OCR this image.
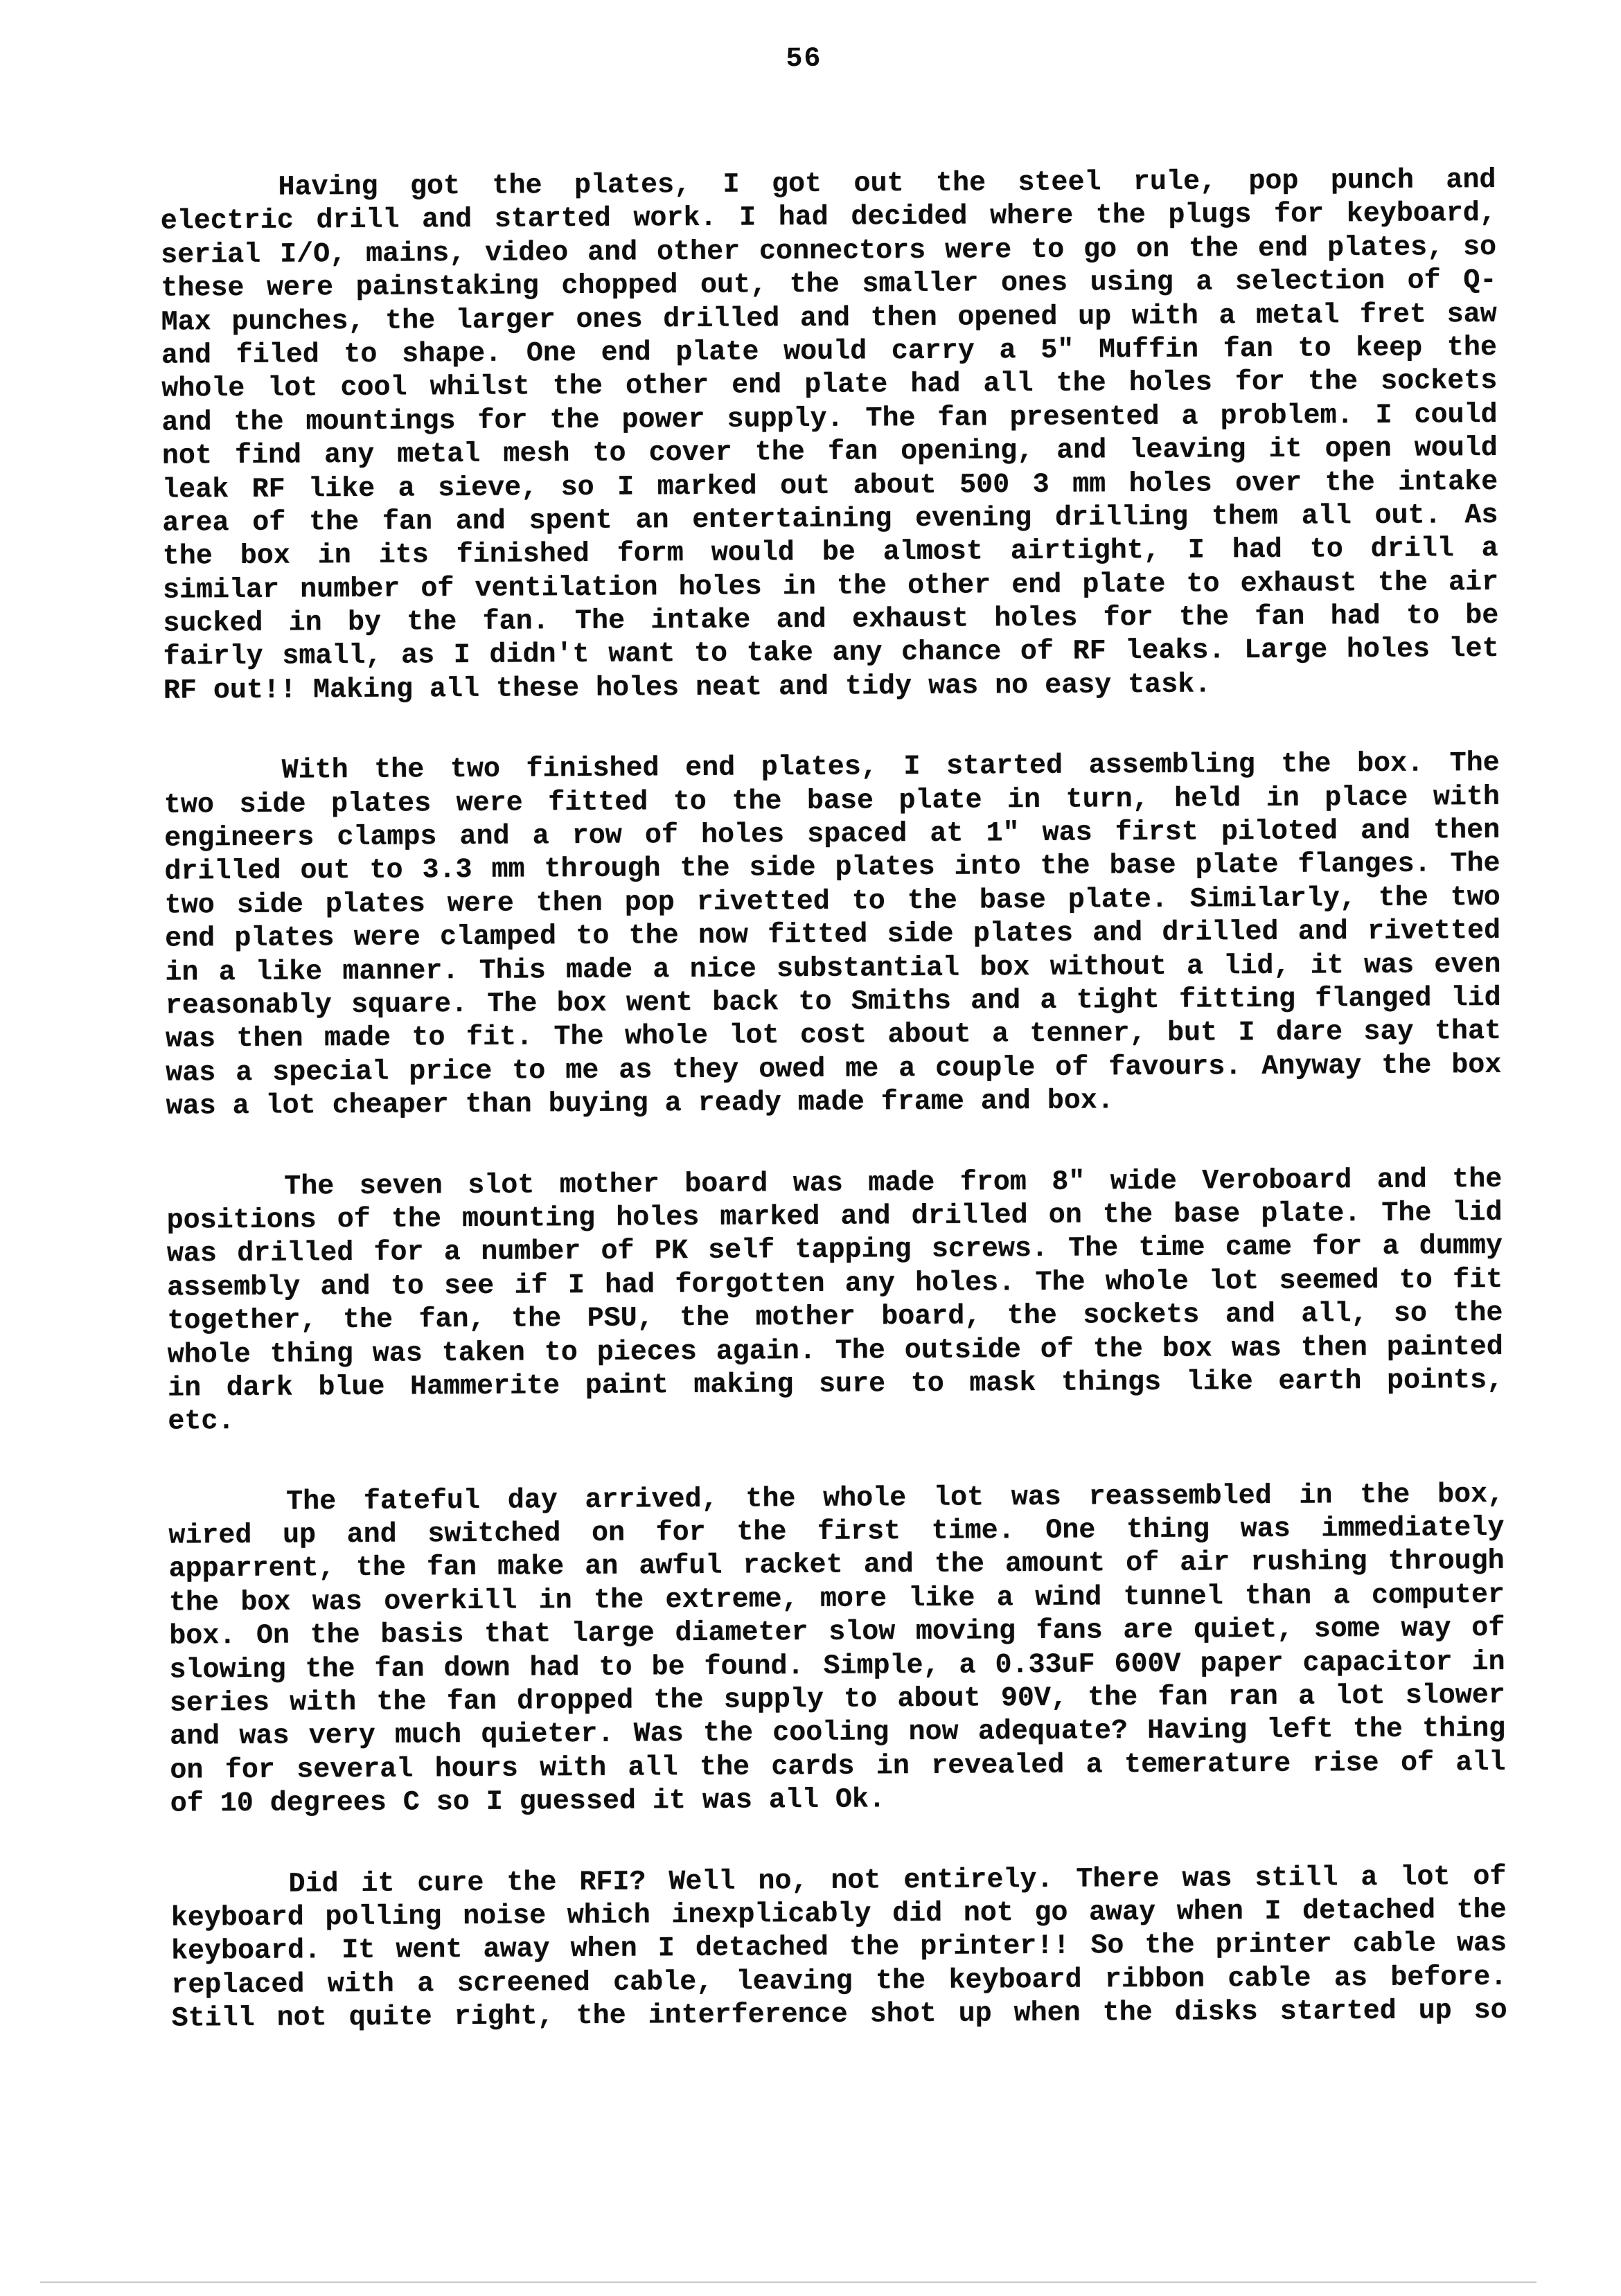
56
Having got the plates, I got out the steel rule, pop punch and
electric drill and started work. I had decided where the plugs for keyboard,
serial I/O, mains, video and other connectors were to go on the end plates, so
these were painstaking chopped out, the smaller ones using a selection of Q-
Max punches, the larger ones drilled and then opened up with a metal fret saw
and filed to shape. One end plate would carry a 5" Muffin fan to keep the
whole lot cool whilst the other end plate had all the holes for the sockets
and the mountings for the power supply. The fan presented a problem. I could
not find any metal mesh to cover the fan opening, and leaving it open would
leak RF like a sieve, so I marked out about 500 3 mm holes over the intake
area of the fan and spent an entertaining evening drilling them all out. As
the box in its finished form would be almost airtight, I had to drill a
similar number of ventilation holes in the other end plate to exhaust the air
sucked in by the fan. The intake and exhaust holes for the fan had to be
fairly small, as I didn't want to take any chance of RF leaks. Large holes let
RF out!! Making all these holes neat and tidy was no easy task.
With the two finished end plates, I started assembling the box. The
two side plates were fitted to the base plate in turn, held in place with
engineers clamps and a row of holes spaced at 1" was first piloted and then
drilled out to 3.3 mm through the side plates into the base plate flanges. The
two side plates were then pop rivetted to the base plate. Similarly, the two
end plates were clamped to the now fitted side plates and drilled and rivetted
in a like manner. This made a nice substantial box without a lid, it was even
reasonably square. The box went back to Smiths and a tight fitting flanged lid
was then made to fit. The whole lot cost about a tenner, but I dare say that
was a special price to me as they owed me a couple of favours. Anyway the box
was a lot cheaper than buying a ready made frame and box.
The seven slot mother board was made from 8" wide Veroboard and the
positions of the mounting holes marked and drilled on the base plate. The lid
was drilled for a number of PK self tapping screws. The time came for a dummy
assembly and to see if I had forgotten any holes. The whole lot seemed to fit
together, the fan, the PSU, the mother board, the sockets and all, so the
whole thing was taken to pieces again. The outside of the box was then painted
in dark blue Hammerite paint making sure to mask things like earth points,
etc.
The fateful day arrived, the whole lot was reassembled in the box,
wired up and switched on for the first time. One thing was immediately
apparrent, the fan make an awful racket and the amount of air rushing through
the box was overkill in the extreme, more like a wind tunnel than a computer
box. On the basis that large diameter slow moving fans are quiet, some way of
slowing the fan down had to be found. Simple, a 0.33uF 600V paper capacitor in
series with the fan dropped the supply to about 90V, the fan ran a lot slower
and was very much quieter. Was the cooling now adequate? Having left the thing
on for several hours with all the cards in revealed a temerature rise of all
of 10 degrees C so I guessed it was all Ok.
Did it cure the RFI? Well no, not entirely. There was still a lot of
keyboard polling noise which inexplicably did not go away when I detached the
keyboard. It went away when I detached the printer!! So the printer cable was
replaced with a screened cable, leaving the keyboard ribbon cable as before.
Still not quite right, the interference shot up when the disks started up so
